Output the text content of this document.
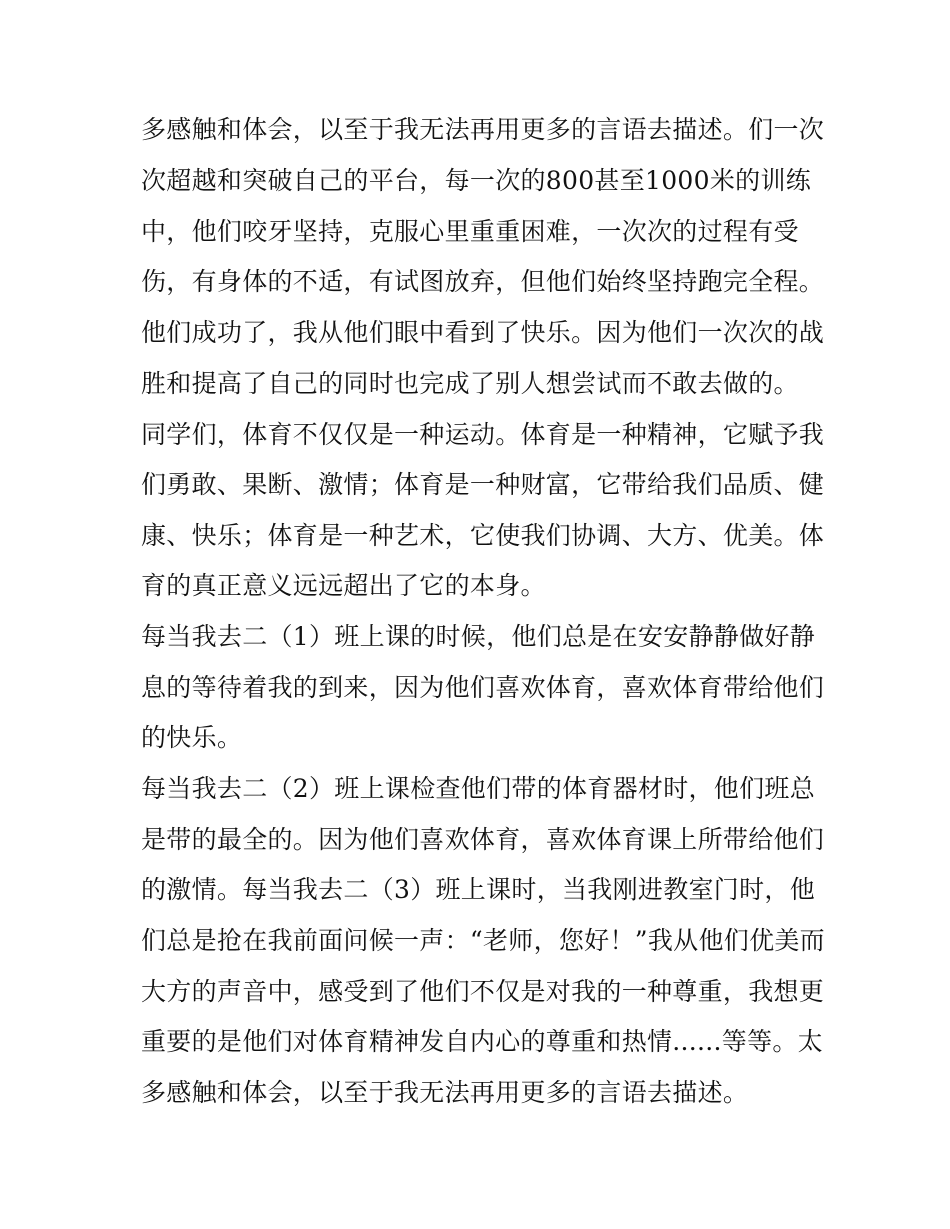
多感触和体会，以至于我无法再用更多的言语去描述。们一次
次超越和突破自己的平台，每一次的800甚至1000米的训练
中，他们咬牙坚持，克服心里重重困难，一次次的过程有受
伤，有身体的不适，有试图放弃，但他们始终坚持跑完全程。
他们成功了，我从他们眼中看到了快乐。因为他们一次次的战
胜和提高了自己的同时也完成了别人想尝试而不敢去做的。
同学们，体育不仅仅是一种运动。体育是一种精神，它赋予我
们勇敢、果断、激情；体育是一种财富，它带给我们品质、健
康、快乐；体育是一种艺术，它使我们协调、大方、优美。体
育的真正意义远远超出了它的本身。
每当我去二（1）班上课的时候，他们总是在安安静静做好静
息的等待着我的到来，因为他们喜欢体育，喜欢体育带给他们
的快乐。
每当我去二（2）班上课检查他们带的体育器材时，他们班总
是带的最全的。因为他们喜欢体育，喜欢体育课上所带给他们
的激情。每当我去二（3）班上课时，当我刚进教室门时，他
们总是抢在我前面问候一声：“老师，您好！”我从他们优美而
大方的声音中，感受到了他们不仅是对我的一种尊重，我想更
重要的是他们对体育精神发自内心的尊重和热情......等等。太
多感触和体会，以至于我无法再用更多的言语去描述。
